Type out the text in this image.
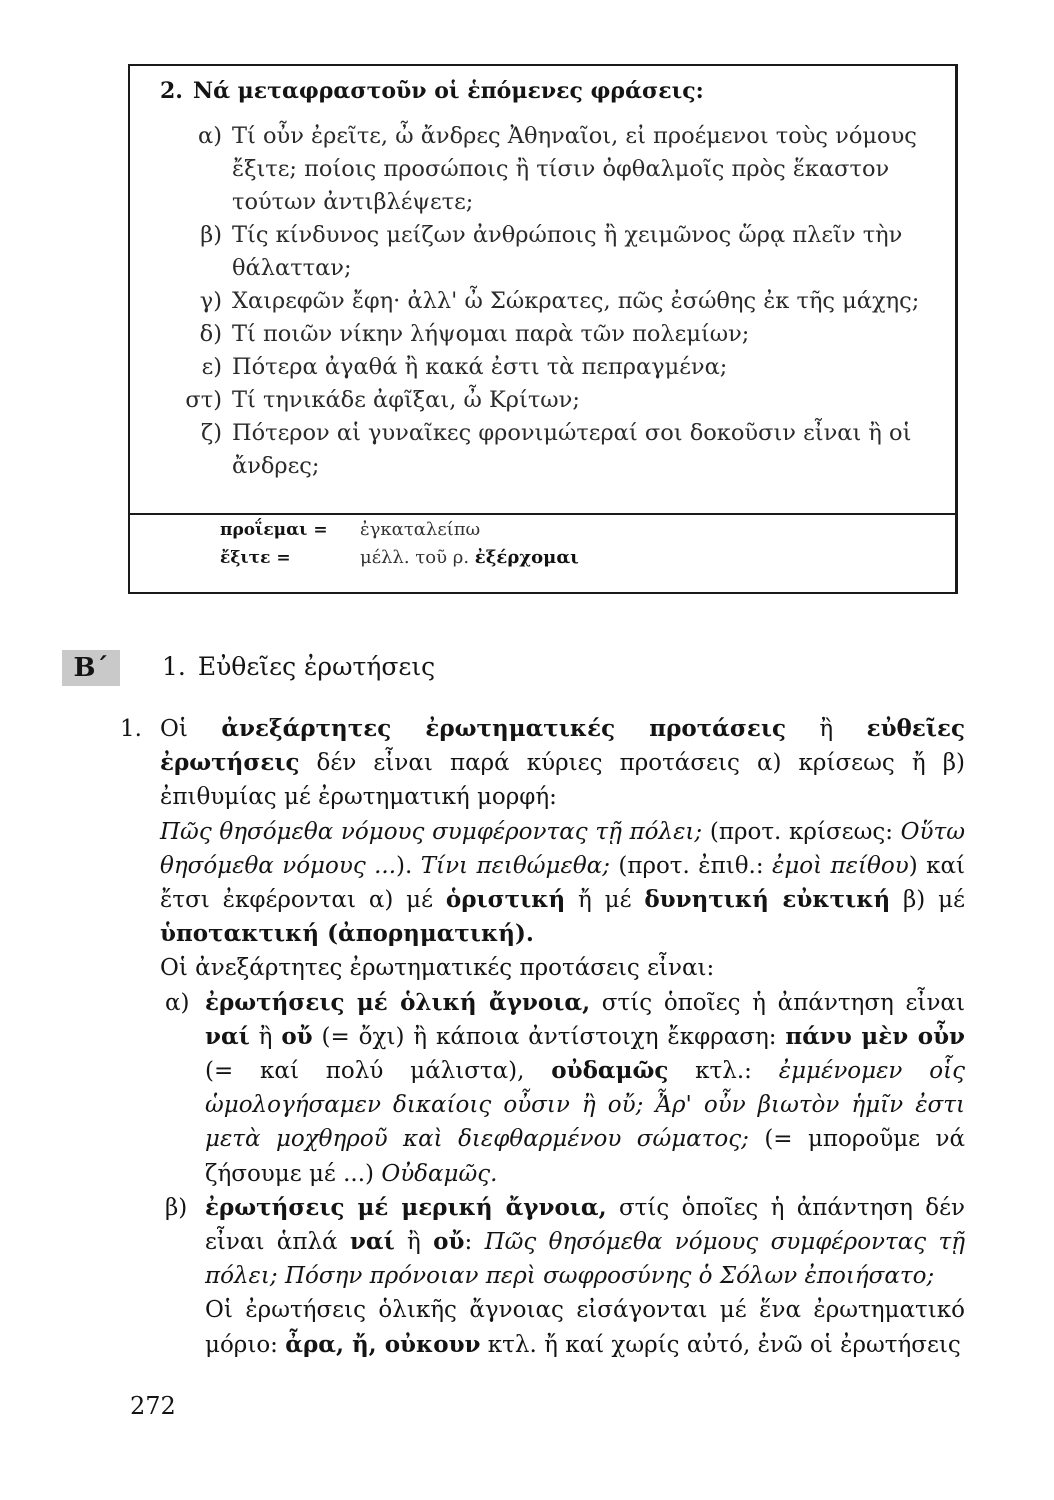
2. Νά μεταφραστοῦν οἱ ἑπόμενες φράσεις:
α) Τί οὖν ἐρεῖτε, ὦ ἄνδρες Ἀθηναῖοι, εἰ προέμενοι τοὺς νόμους ἔξιτε; ποίοις προσώποις ἢ τίσιν ὀφθαλμοῖς πρὸς ἕκαστον τούτων ἀντιβλέψετε;
β) Τίς κίνδυνος μείζων ἀνθρώποις ἢ χειμῶνος ὥρᾳ πλεῖν τὴν θάλατταν;
γ) Χαιρεφῶν ἔφη· ἀλλ' ὦ Σώκρατες, πῶς ἐσώθης ἐκ τῆς μάχης;
δ) Τί ποιῶν νίκην λήψομαι παρὰ τῶν πολεμίων;
ε) Πότερα ἀγαθά ἢ κακά ἐστι τὰ πεπραγμένα;
στ) Τί τηνικάδε ἀφῖξαι, ὦ Κρίτων;
ζ) Πότερον αἱ γυναῖκες φρονιμώτεραί σοι δοκοῦσιν εἶναι ἢ οἱ ἄνδρες;
προΐεμαι =	ἐγκαταλείπω
ἔξιτε =	μέλλ. τοῦ ρ. ἐξέρχομαι
Β΄	1. Εὐθεῖες ἐρωτήσεις
1. Οἱ ἀνεξάρτητες ἐρωτηματικές προτάσεις ἢ εὐθεῖες ἐρωτήσεις δέν εἶναι παρά κύριες προτάσεις α) κρίσεως ἤ β) ἐπιθυμίας μέ ἐρωτηματική μορφή:
Πῶς θησόμεθα νόμους συμφέροντας τῇ πόλει; (προτ. κρίσεως: Οὕτω θησόμεθα νόμους ...). Τίνι πειθώμεθα; (προτ. ἐπιθ.: ἐμοὶ πείθου) καί ἔτσι ἐκφέρονται α) μέ ὁριστική ἤ μέ δυνητική εὐκτική β) μέ ὑποτακτική (ἀπορηματική).
Οἱ ἀνεξάρτητες ἐρωτηματικές προτάσεις εἶναι:
α) ἐρωτήσεις μέ ὁλική ἄγνοια, στίς ὁποῖες ἡ ἀπάντηση εἶναι ναί ἢ οὔ (= ὄχι) ἢ κάποια ἀντίστοιχη ἔκφραση: πάνυ μὲν οὖν (= καί πολύ μάλιστα), οὐδαμῶς κτλ.: ἐμμένομεν οἷς ὡμολογήσαμεν δικαίοις οὖσιν ἢ οὔ; Ἆρ' οὖν βιωτὸν ἡμῖν ἐστι μετὰ μοχθηροῦ καὶ διεφθαρμένου σώματος; (= μποροῦμε νά ζήσουμε μέ ...) Οὐδαμῶς.
β) ἐρωτήσεις μέ μερική ἄγνοια, στίς ὁποῖες ἡ ἀπάντηση δέν εἶναι ἁπλά ναί ἢ οὔ: Πῶς θησόμεθα νόμους συμφέροντας τῇ πόλει; Πόσην πρόνοιαν περὶ σωφροσύνης ὁ Σόλων ἐποιήσατο;
Οἱ ἐρωτήσεις ὁλικῆς ἄγνοιας εἰσάγονται μέ ἕνα ἐρωτηματικό μόριο: ἆρα, ἤ, οὐκουν κτλ. ἤ καί χωρίς αὐτό, ἐνῶ οἱ ἐρωτήσεις
272
